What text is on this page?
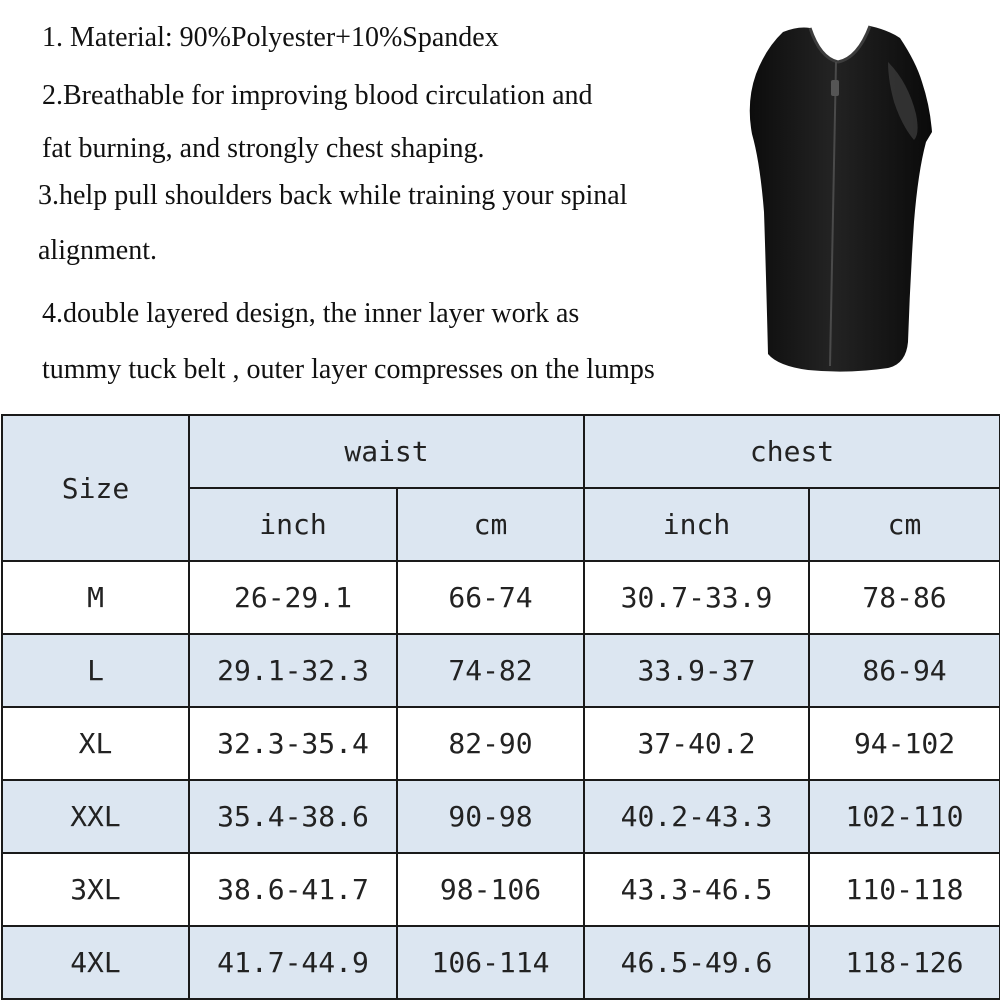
1. Material: 90%Polyester+10%Spandex
2.Breathable for improving blood circulation and
fat burning, and strongly chest shaping.
3.help pull shoulders back while training your spinal
alignment.
4.double layered design, the inner layer work as
tummy tuck belt , outer layer compresses on the lumps
Size	waist		chest	
	inch	cm	inch	cm
M	26-29.1	66-74	30.7-33.9	78-86
L	29.1-32.3	74-82	33.9-37	86-94
XL	32.3-35.4	82-90	37-40.2	94-102
XXL	35.4-38.6	90-98	40.2-43.3	102-110
3XL	38.6-41.7	98-106	43.3-46.5	110-118
4XL	41.7-44.9	106-114	46.5-49.6	118-126
